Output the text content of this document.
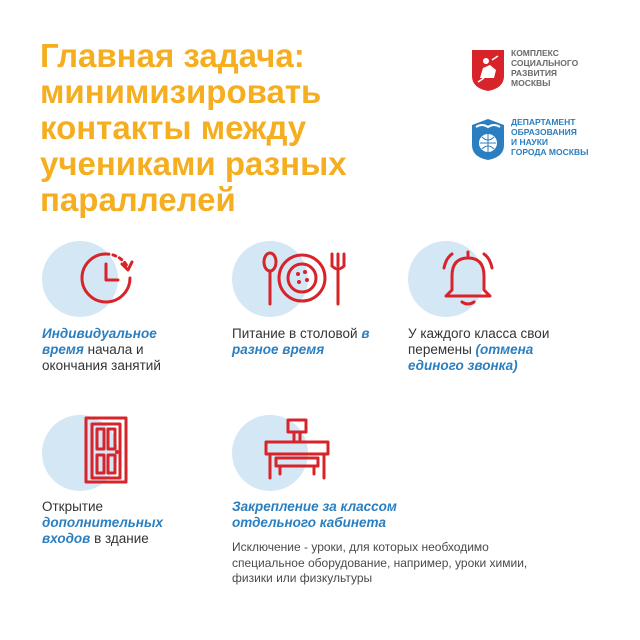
Главная задача:
минимизировать
контакты между
учениками разных
параллелей
КОМПЛЕКС
СОЦИАЛЬНОГО
РАЗВИТИЯ
МОСКВЫ
ДЕПАРТАМЕНТ
ОБРАЗОВАНИЯ
И НАУКИ
ГОРОДА МОСКВЫ
Индивидуальное время начала и окончания занятий
Питание в столовой в разное время
У каждого класса свои перемены (отмена единого звонка)
Открытие дополнительных входов в здание
Закрепление за классом отдельного кабинета
Исключение - уроки, для которых необходимо специальное оборудование, например, уроки химии, физики или физкультуры
